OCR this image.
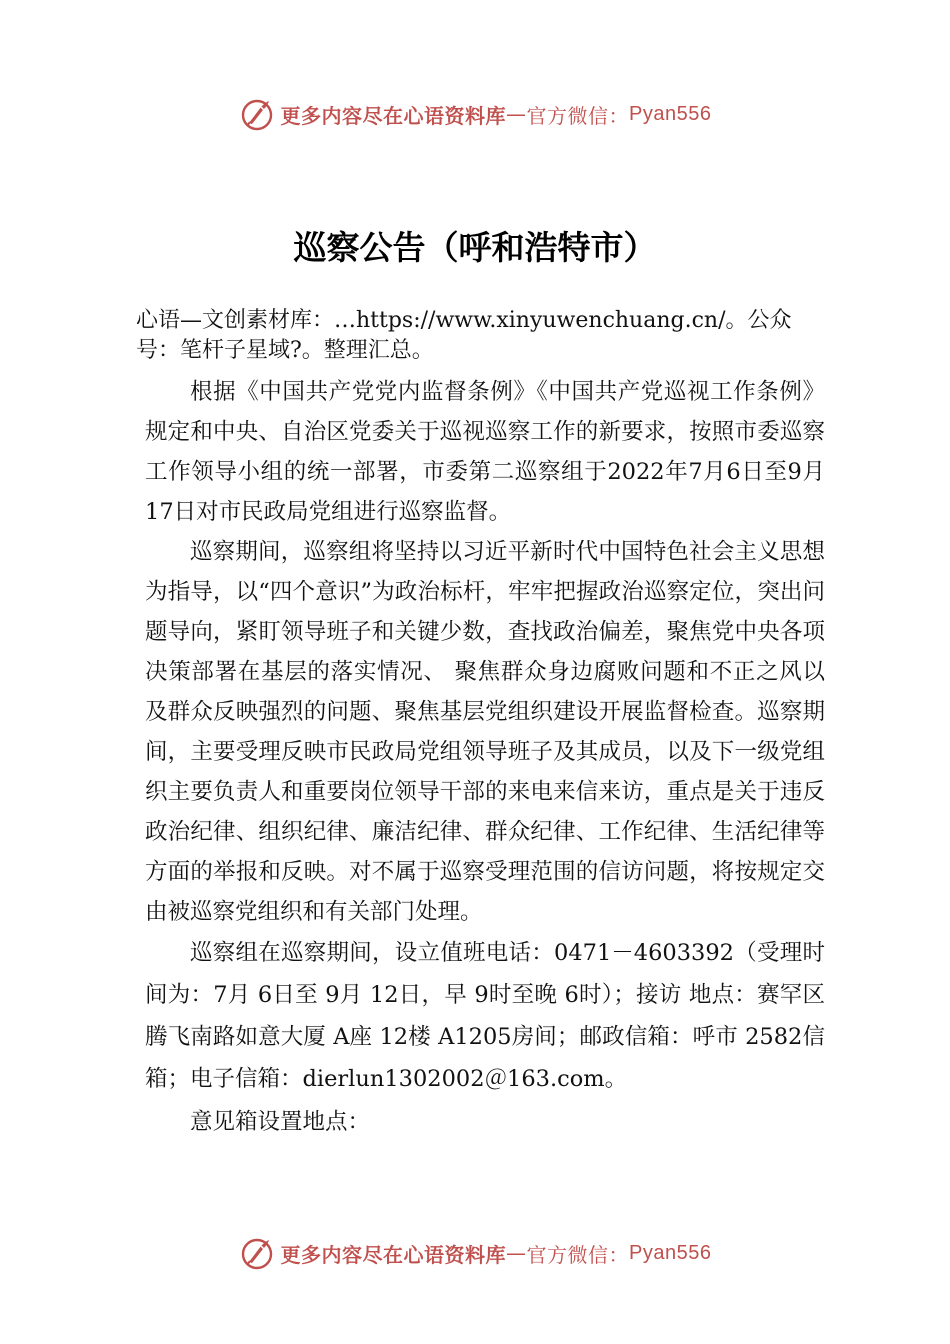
更多内容尽在心语资料库 — 官方微信： Pyan556
巡察公告（呼和浩特市）
心语—文创素材库：…https://www.xinyuwenchuang.cn/。公众号：笔杆子星域?。整理汇总。

根据《中国共产党党内监督条例》《中国共产党巡视工作条例》规定和中央、自治区党委关于巡视巡察工作的新要求，按照市委巡察工作领导小组的统一部署，市委第二巡察组于2022年7月6日至9月17日对市民政局党组进行巡察监督。

巡察期间，巡察组将坚持以习近平新时代中国特色社会主义思想为指导，以“四个意识”为政治标杆，牢牢把握政治巡察定位，突出问题导向，紧盯领导班子和关键少数，查找政治偏差，聚焦党中央各项决策部署在基层的落实情况、 聚焦群众身边腐败问题和不正之风以及群众反映强烈的问题、聚焦基层党组织建设开展监督检查。巡察期间，主要受理反映市民政局党组领导班子及其成员，以及下一级党组织主要负责人和重要岗位领导干部的来电来信来访，重点是关于违反政治纪律、组织纪律、廉洁纪律、群众纪律、工作纪律、生活纪律等方面的举报和反映。对不属于巡察受理范围的信访问题，将按规定交由被巡察党组织和有关部门处理。

巡察组在巡察期间，设立值班电话：0471－4603392（受理时间为：7月 6日至 9月 12日，早 9时至晚 6时）；接访 地点：赛罕区腾飞南路如意大厦 A座 12楼 A1205房间；邮政信箱：呼市 2582信箱；电子信箱：dierlun1302002＠163.com。

意见箱设置地点：

更多内容尽在心语资料库 — 官方微信： Pyan556
